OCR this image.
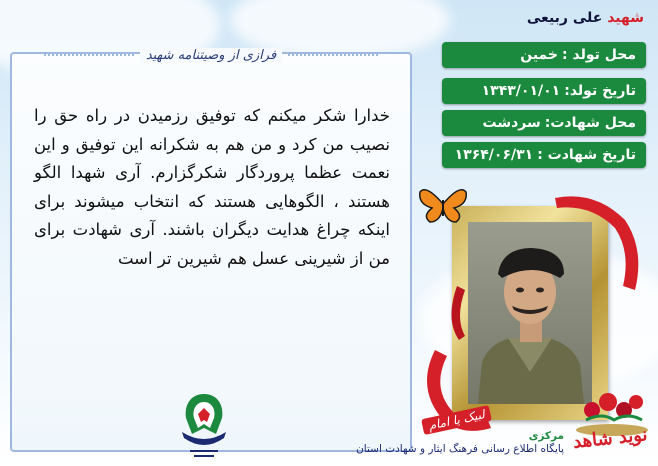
فرازی از وصیتنامه شهید

خدارا شکر میکنم که توفیق رزمیدن در راه حق را نصیب من کرد و من هم به شکرانه این توفیق و این نعمت عظما پروردگار شکرگزارم. آری شهدا الگو هستند ، الگوهایی هستند که انتخاب میشوند برای اینکه چراغ هدایت دیگران باشند. آری شهادت برای من از شیرینی عسل هم شیرین تر است

شهید علی ربیعی

محل تولد :
خمین
تاریخ تولد:
۱۳۴۳/۰۱/۰۱
محل شهادت:
سردشت
تاریخ شهادت :
۱۳۶۴/۰۶/۳۱
لبیک یا امام
مرکزی
پایگاه اطلاع رسانی فرهنگ ایثار و شهادت استان نوید شاهد
